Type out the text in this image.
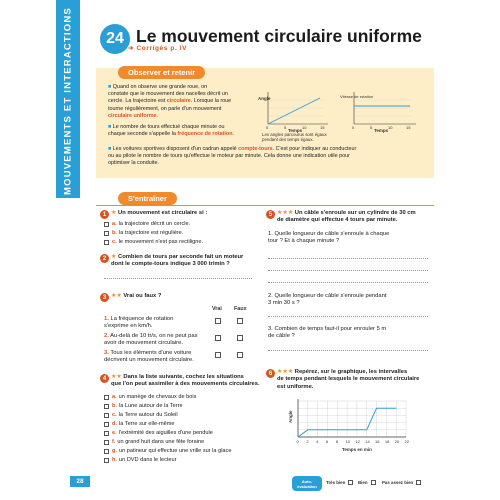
MOUVEMENTS ET INTERACTIONS	24 Le mouvement circulaire uniforme
➔ Corrigés p. IV
Observer et retenir
■ Quand on observe une grande roue, on
constate que le mouvement des nacelles décrit un
cercle. La trajectoire est circulaire. Lorsque la roue
tourne régulièrement, on parle d'un mouvement
circulaire uniforme.
■ Le nombre de tours effectué chaque minute ou
chaque seconde s'appelle la fréquence de rotation.
■ Les voitures sportives disposent d'un cadran appelé compte-tours. C'est pour indiquer au conducteur
ou au pilote le nombre de tours qu'effectue le moteur par minute. Cela donne une indication utile pour
optimiser la conduite.
Angle
Temps
0	5	10	15
Vitesse de rotation
Temps
0	5	10	15
Les angles parcourus sont égaux
pendant des temps égaux.
S'entraîner
1 ★ Un mouvement est circulaire si :
a. la trajectoire décrit un cercle.
b. la trajectoire est régulière.
c. le mouvement n'est pas rectiligne.
2 ★ Combien de tours par seconde fait un moteur
dont le compte-tours indique 3 000 tr/min ?
3 ★★ Vrai ou faux ?
Vrai Faux
1. La fréquence de rotation
s'exprime en km/h.
2. Au-delà de 10 tr/s, on ne peut pas
avoir de mouvement circulaire.
3. Tous les éléments d'une voiture
décrivent un mouvement circulaire.
4 ★★ Dans la liste suivante, cochez les situations
que l'on peut assimiler à des mouvements circulaires.
a. un manège de chevaux de bois
b. la Lune autour de la Terre
c. la Terre autour du Soleil
d. la Terre sur elle-même
e. l'extrémité des aiguilles d'une pendule
f. un grand huit dans une fête foraine
g. un patineur qui effectue une vrille sur la glace
h. un DVD dans le lecteur
5 ★★★ Un câble s'enroule sur un cylindre de 30 cm
de diamètre qui effectue 4 tours par minute.
1. Quelle longueur de câble s'enroule à chaque
tour ? Et à chaque minute ?
2. Quelle longueur de câble s'enroule pendant
3 min 30 s ?
3. Combien de temps faut-il pour enrouler 5 m
de câble ?
6 ★★★ Repérez, sur le graphique, les intervalles
de temps pendant lesquels le mouvement circulaire
est uniforme.
0 2 4 6 8 10 12 14 16 18 20 22
Angle
Temps en min
28	Auto-évaluation
Très bien	Bien	Pas assez bien
